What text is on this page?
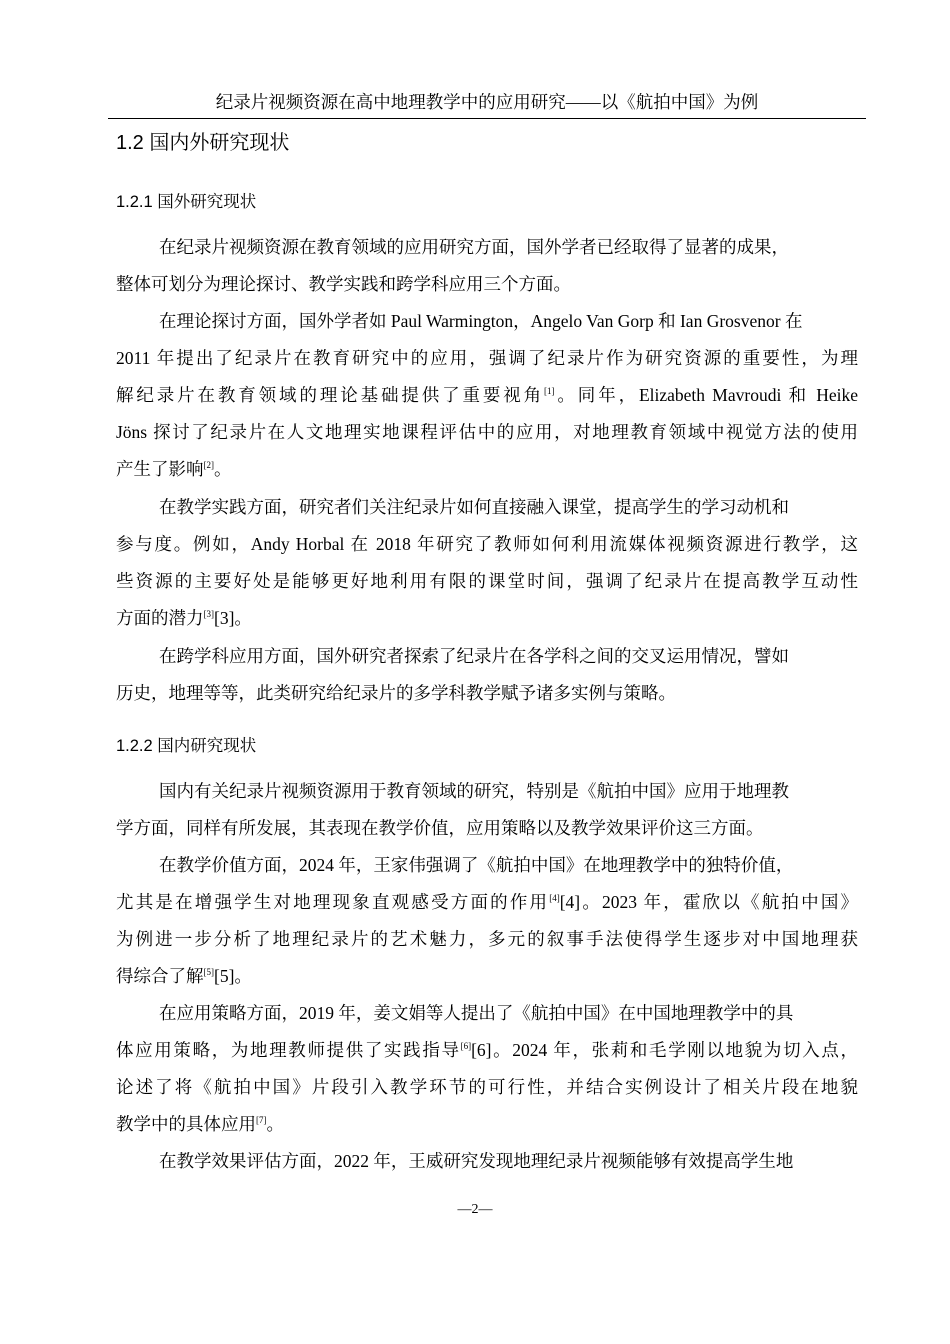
纪录片视频资源在高中地理教学中的应用研究——以《航拍中国》为例
1.2 国内外研究现状
1.2.1 国外研究现状
在纪录片视频资源在教育领域的应用研究方面，国外学者已经取得了显著的成果，
整体可划分为理论探讨、教学实践和跨学科应用三个方面。
在理论探讨方面，国外学者如 Paul Warmington，Angelo Van Gorp 和 Ian Grosvenor 在
2011 年提出了纪录片在教育研究中的应用，强调了纪录片作为研究资源的重要性，为理
解纪录片在教育领域的理论基础提供了重要视角[1]。同年，Elizabeth Mavroudi 和 Heike
Jöns 探讨了纪录片在人文地理实地课程评估中的应用，对地理教育领域中视觉方法的使用
产生了影响[2]。
在教学实践方面，研究者们关注纪录片如何直接融入课堂，提高学生的学习动机和
参与度。例如，Andy Horbal 在 2018 年研究了教师如何利用流媒体视频资源进行教学，这
些资源的主要好处是能够更好地利用有限的课堂时间，强调了纪录片在提高教学互动性
方面的潜力[3][3]。
在跨学科应用方面，国外研究者探索了纪录片在各学科之间的交叉运用情况，譬如
历史，地理等等，此类研究给纪录片的多学科教学赋予诸多实例与策略。
1.2.2 国内研究现状
国内有关纪录片视频资源用于教育领域的研究，特别是《航拍中国》应用于地理教
学方面，同样有所发展，其表现在教学价值，应用策略以及教学效果评价这三方面。
在教学价值方面，2024 年，王家伟强调了《航拍中国》在地理教学中的独特价值，
尤其是在增强学生对地理现象直观感受方面的作用[4][4]。2023 年，霍欣以《航拍中国》
为例进一步分析了地理纪录片的艺术魅力，多元的叙事手法使得学生逐步对中国地理获
得综合了解[5][5]。
在应用策略方面，2019 年，姜文娟等人提出了《航拍中国》在中国地理教学中的具
体应用策略，为地理教师提供了实践指导[6][6]。2024 年，张莉和毛学刚以地貌为切入点，
论述了将《航拍中国》片段引入教学环节的可行性，并结合实例设计了相关片段在地貌
教学中的具体应用[7]。
在教学效果评估方面，2022 年，王威研究发现地理纪录片视频能够有效提高学生地
—2—
